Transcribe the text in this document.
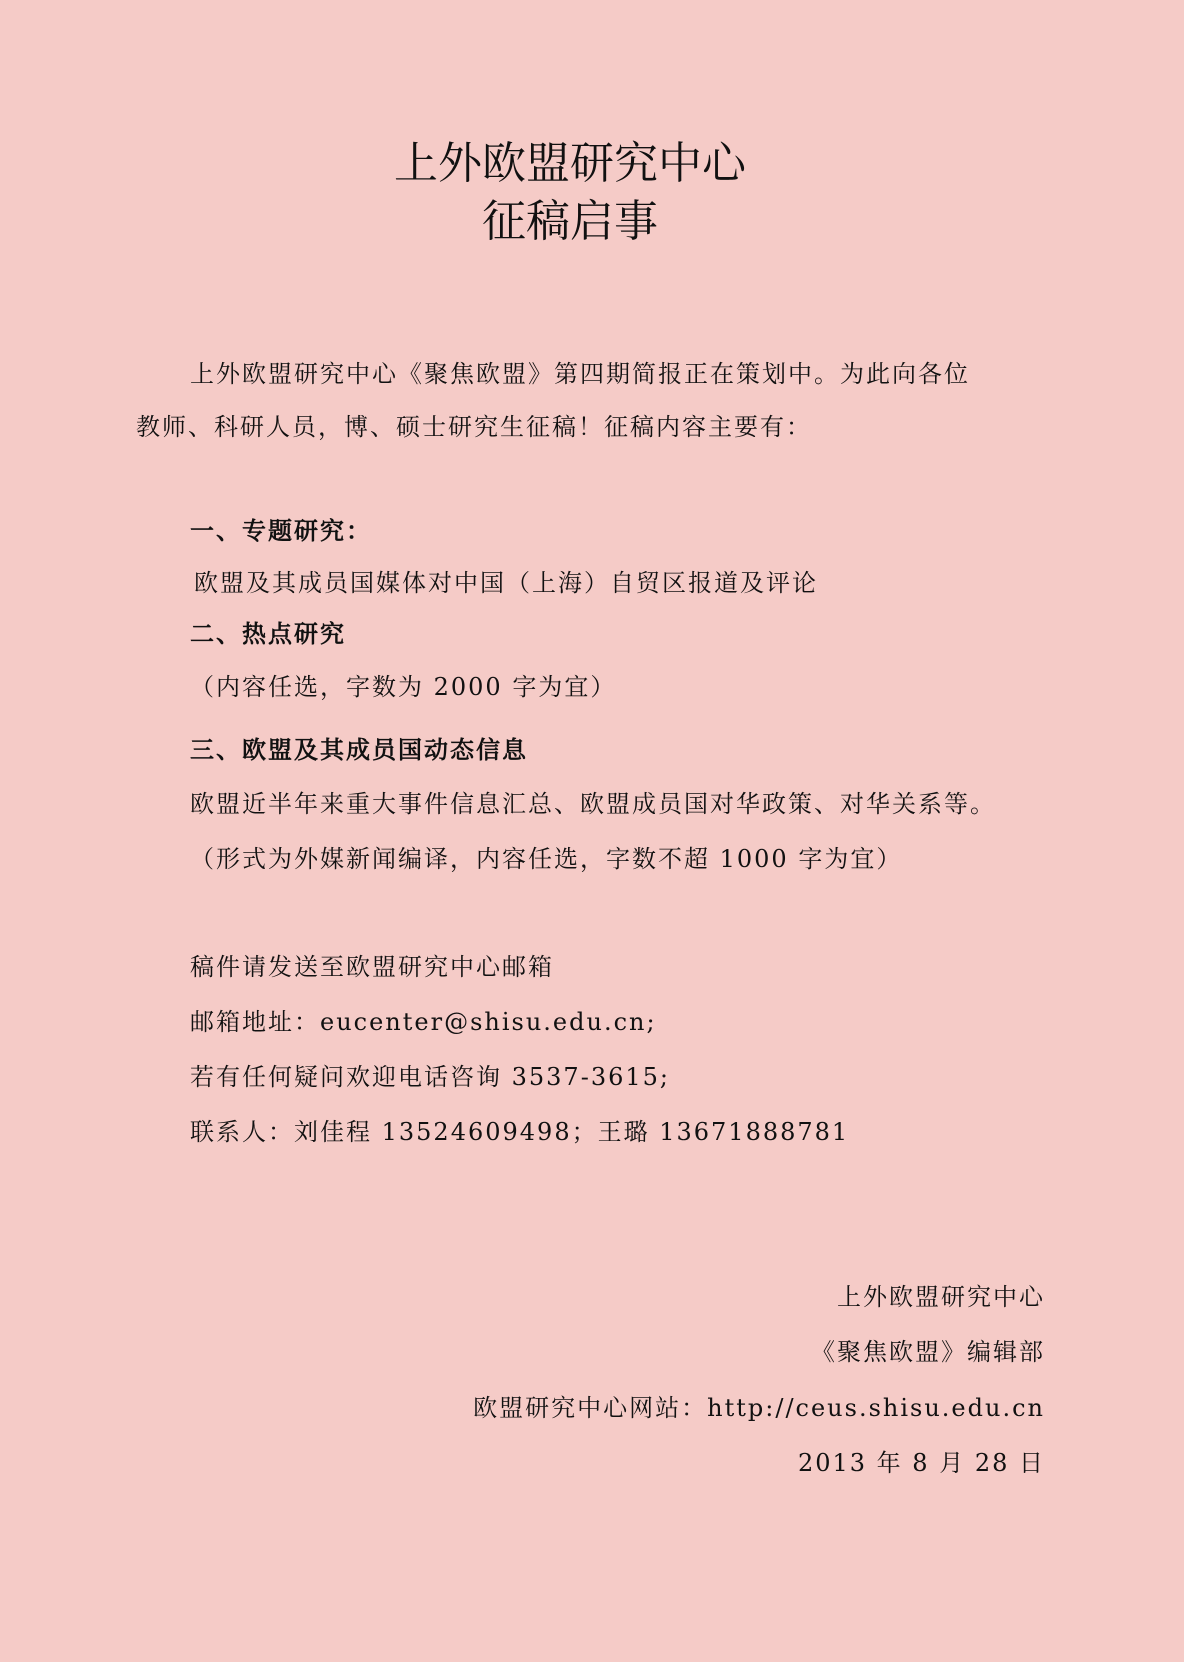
上外欧盟研究中心
征稿启事
上外欧盟研究中心《聚焦欧盟》第四期简报正在策划中。为此向各位
教师、科研人员，博、硕士研究生征稿！征稿内容主要有：
一、专题研究：
欧盟及其成员国媒体对中国（上海）自贸区报道及评论
二、热点研究
（内容任选，字数为 2000 字为宜）
三、欧盟及其成员国动态信息
欧盟近半年来重大事件信息汇总、欧盟成员国对华政策、对华关系等。
（形式为外媒新闻编译，内容任选，字数不超 1000 字为宜）
稿件请发送至欧盟研究中心邮箱
邮箱地址：eucenter@shisu.edu.cn;
若有任何疑问欢迎电话咨询 3537-3615;
联系人：刘佳程 13524609498；王璐 13671888781
上外欧盟研究中心
《聚焦欧盟》编辑部
欧盟研究中心网站：http://ceus.shisu.edu.cn
2013 年 8 月 28 日
